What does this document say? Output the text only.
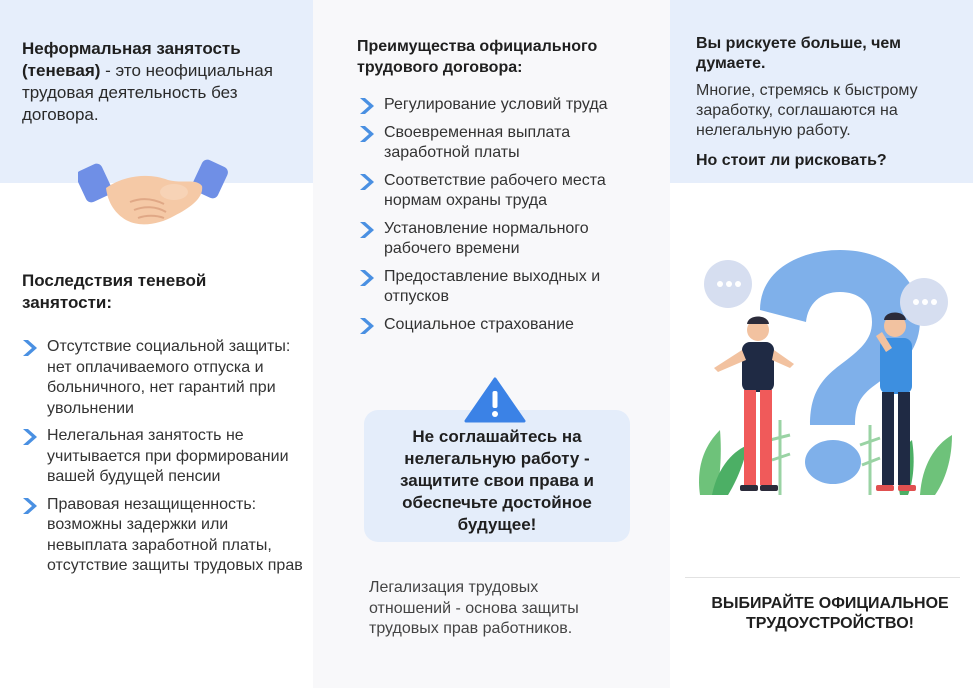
Неформальная занятость (теневая) - это неофициальная трудовая деятельность без договора.
Последствия теневой занятости:
Отсутствие социальной защиты: нет оплачиваемого отпуска и больничного, нет гарантий при увольнении
Нелегальная занятость не учитывается при формировании вашей будущей пенсии
Правовая незащищенность: возможны задержки или невыплата заработной платы, отсутствие защиты трудовых прав
Преимущества официального трудового договора:
Регулирование условий труда
Своевременная выплата заработной платы
Соответствие рабочего места нормам охраны труда
Установление нормального рабочего времени
Предоставление выходных и отпусков
Социальное страхование
Не соглашайтесь на нелегальную работу - защитите свои права и обеспечьте достойное будущее!
Легализация трудовых отношений - основа защиты трудовых прав работников.
Вы рискуете больше, чем думаете.
Многие, стремясь к быстрому заработку, соглашаются на нелегальную работу.
Но стоит ли рисковать?
ВЫБИРАЙТЕ ОФИЦИАЛЬНОЕ ТРУДОУСТРОЙСТВО!
